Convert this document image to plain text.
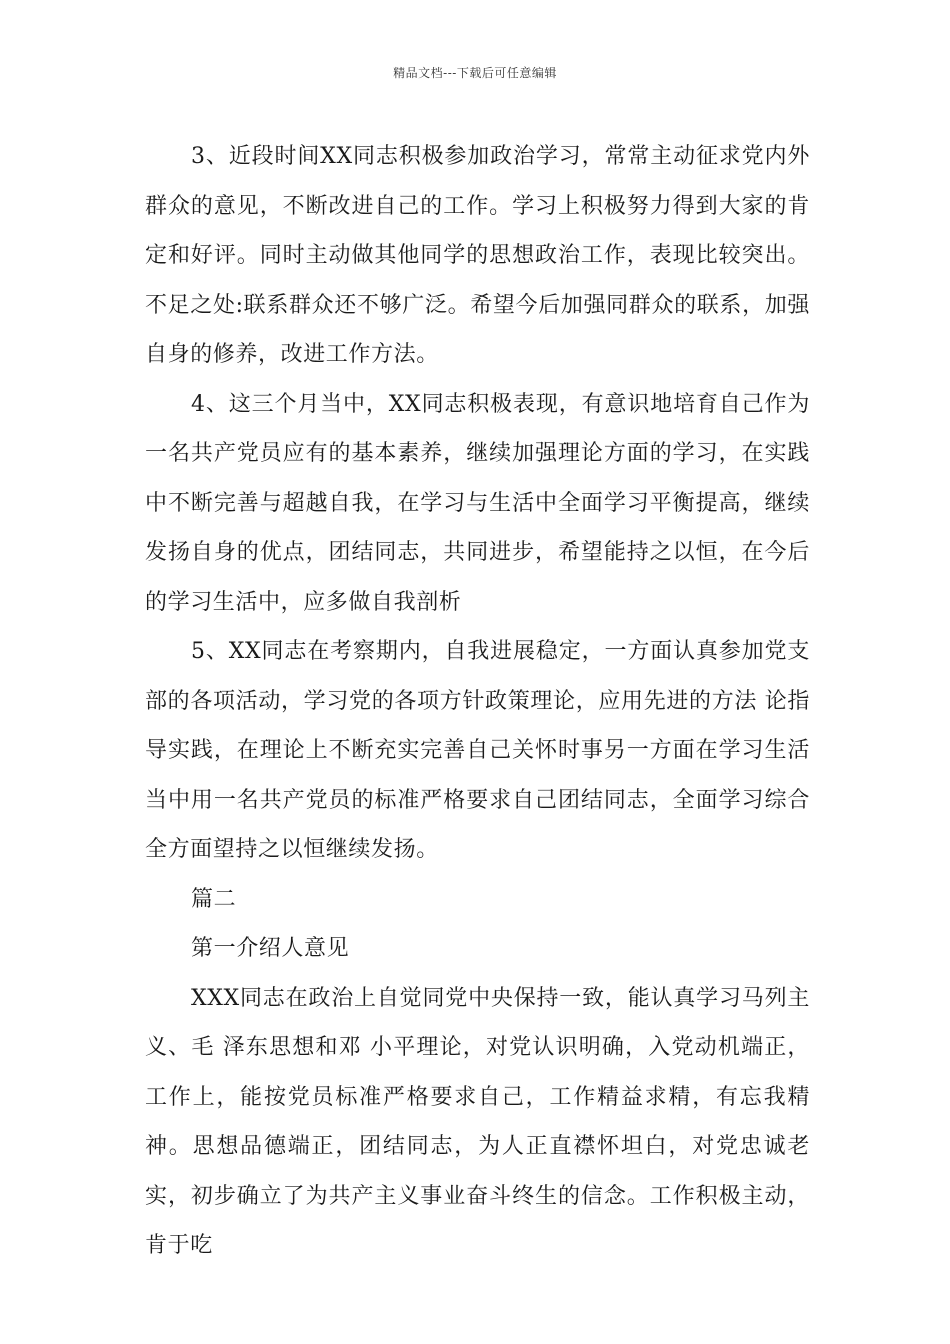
精品文档---下载后可任意编辑

3、近段时间XX同志积极参加政治学习，常常主动征求党内外群众的意见，不断改进自己的工作。学习上积极努力得到大家的肯定和好评。同时主动做其他同学的思想政治工作，表现比较突出。不足之处:联系群众还不够广泛。希望今后加强同群众的联系，加强自身的修养，改进工作方法。

4、这三个月当中，XX同志积极表现，有意识地培育自己作为一名共产党员应有的基本素养，继续加强理论方面的学习，在实践中不断完善与超越自我，在学习与生活中全面学习平衡提高，继续发扬自身的优点，团结同志，共同进步，希望能持之以恒，在今后的学习生活中，应多做自我剖析

5、XX同志在考察期内，自我进展稳定，一方面认真参加党支部的各项活动，学习党的各项方针政策理论，应用先进的方法 论指导实践，在理论上不断充实完善自己关怀时事另一方面在学习生活当中用一名共产党员的标准严格要求自己团结同志，全面学习综合全方面望持之以恒继续发扬。

篇二

第一介绍人意见

XXX同志在政治上自觉同党中央保持一致，能认真学习马列主义、毛 泽东思想和邓 小平理论，对党认识明确，入党动机端正，工作上，能按党员标准严格要求自己，工作精益求精，有忘我精神。思想品德端正，团结同志，为人正直襟怀坦白，对党忠诚老实，初步确立了为共产主义事业奋斗终生的信念。工作积极主动，肯于吃
